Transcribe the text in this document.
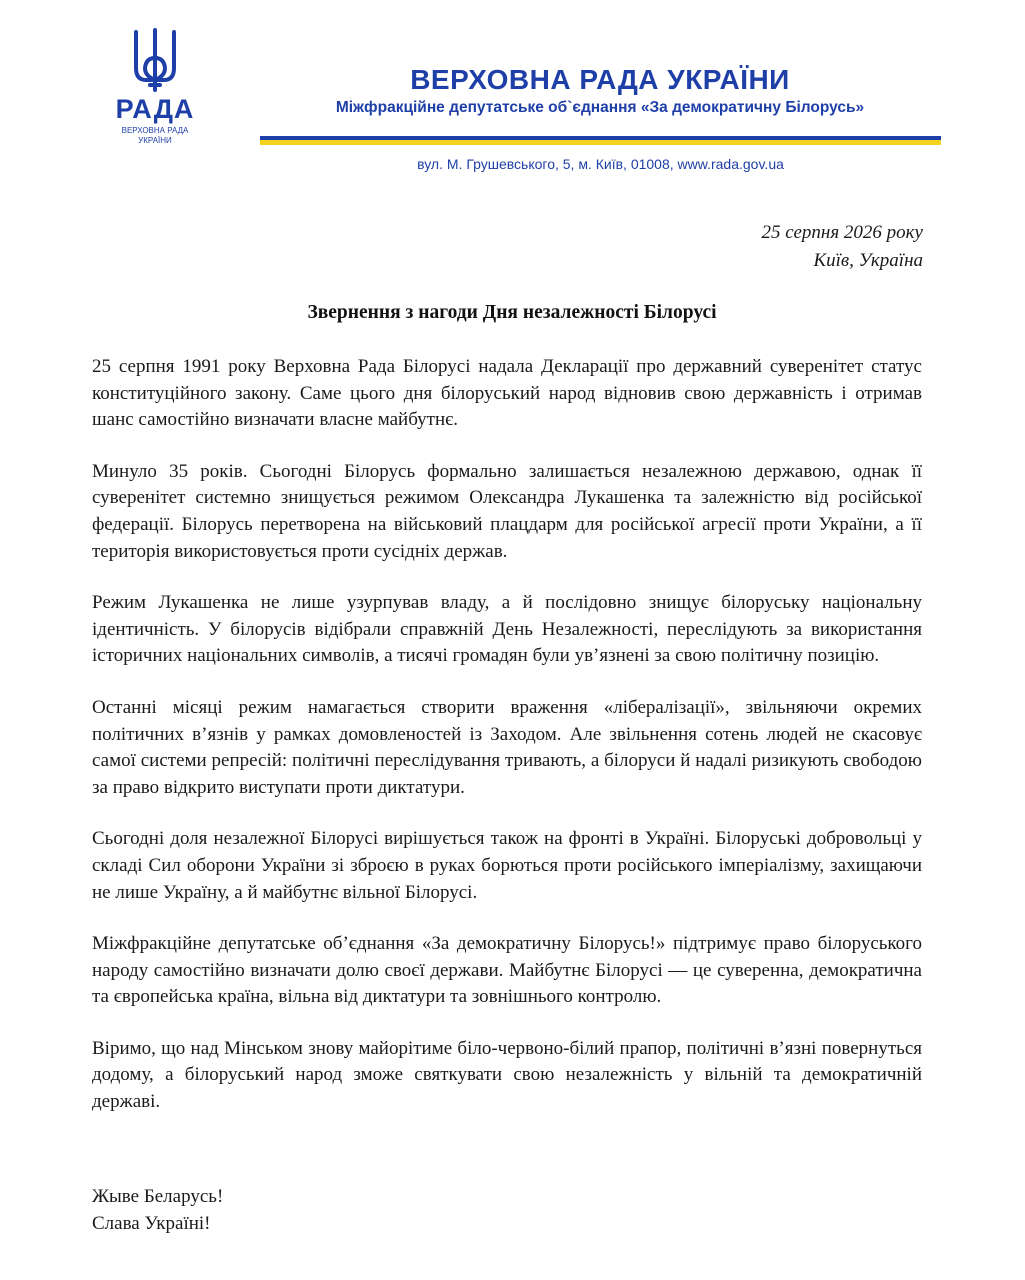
РАДА
ВЕРХОВНА РАДА
УКРАЇНИ
ВЕРХОВНА РАДА УКРАЇНИ
Міжфракційне депутатське об`єднання «За демократичну Білорусь»
вул. М. Грушевського, 5, м. Київ, 01008, www.rada.gov.ua
25 серпня 2026 року
Київ, Україна
Звернення з нагоди Дня незалежності Білорусі

25 серпня 1991 року Верховна Рада Білорусі надала Декларації про державний суверенітет статус конституційного закону. Саме цього дня білоруський народ відновив свою державність і отримав шанс самостійно визначати власне майбутнє.

Минуло 35 років. Сьогодні Білорусь формально залишається незалежною державою, однак її суверенітет системно знищується режимом Олександра Лукашенка та залежністю від російської федерації. Білорусь перетворена на військовий плацдарм для російської агресії проти України, а її територія використовується проти сусідніх держав.

Режим Лукашенка не лише узурпував владу, а й послідовно знищує білоруську національну ідентичність. У білорусів відібрали справжній День Незалежності, переслідують за використання історичних національних символів, а тисячі громадян були ув’язнені за свою політичну позицію.

Останні місяці режим намагається створити враження «лібералізації», звільняючи окремих політичних в’язнів у рамках домовленостей із Заходом. Але звільнення сотень людей не скасовує самої системи репресій: політичні переслідування тривають, а білоруси й надалі ризикують свободою за право відкрито виступати проти диктатури.

Сьогодні доля незалежної Білорусі вирішується також на фронті в Україні. Білоруські добровольці у складі Сил оборони України зі зброєю в руках борються проти російського імперіалізму, захищаючи не лише Україну, а й майбутнє вільної Білорусі.

Міжфракційне депутатське об’єднання «За демократичну Білорусь!» підтримує право білоруського народу самостійно визначати долю своєї держави. Майбутнє Білорусі — це суверенна, демократична та європейська країна, вільна від диктатури та зовнішнього контролю.

Віримо, що над Мінськом знову майорітиме біло-червоно-білий прапор, політичні в’язні повернуться додому, а білоруський народ зможе святкувати свою незалежність у вільній та демократичній державі.

Жыве Беларусь!
Слава Україні!
